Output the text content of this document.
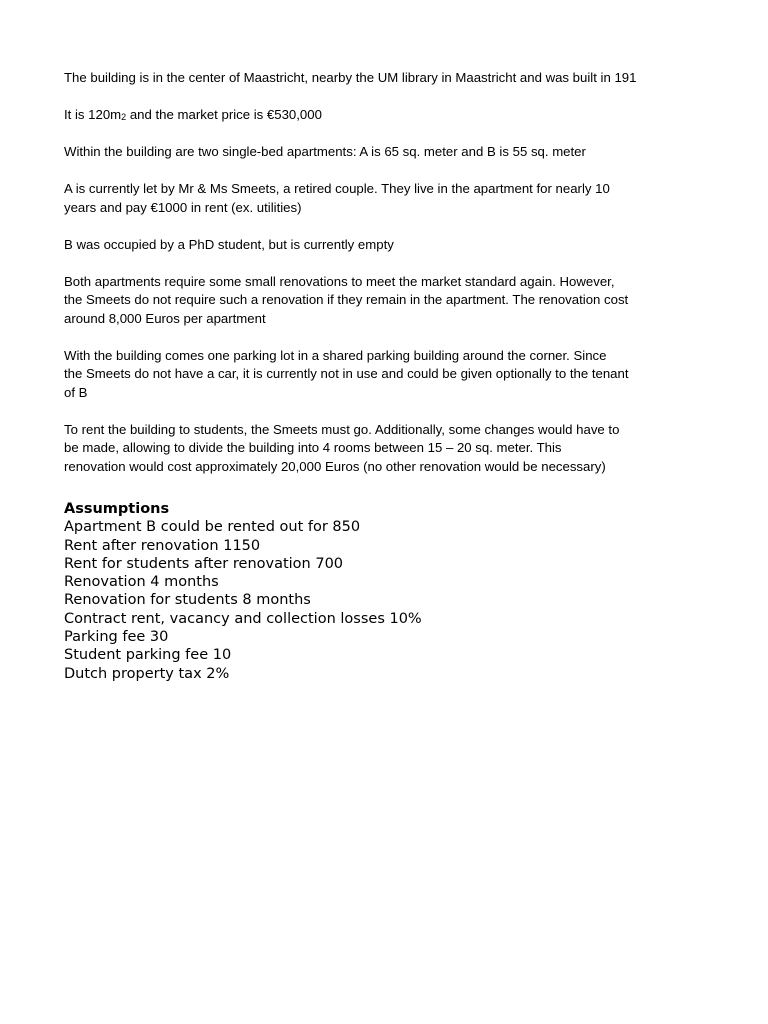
The building is in the center of Maastricht, nearby the UM library in Maastricht and was built in 191

It is $120m_2$ and the market price is €530,000

Within the building are two single-bed apartments: A is 65 sq. meter and B is 55 sq. meter

A is currently let by Mr & Ms Smeets, a retired couple. They live in the apartment for nearly 10
years and pay €1000 in rent (ex. utilities)

B was occupied by a PhD student, but is currently empty

Both apartments require some small renovations to meet the market standard again. However,
the Smeets do not require such a renovation if they remain in the apartment. The renovation cost
around 8,000 Euros per apartment

With the building comes one parking lot in a shared parking building around the corner. Since
the Smeets do not have a car, it is currently not in use and could be given optionally to the tenant
of B

To rent the building to students, the Smeets must go. Additionally, some changes would have to
be made, allowing to divide the building into 4 rooms between 15 – 20 sq. meter. This
renovation would cost approximately 20,000 Euros (no other renovation would be necessary)

Assumptions

Apartment B could be rented out for 850

Rent after renovation 1150

Rent for students after renovation 700

Renovation 4 months

Renovation for students 8 months

Contract rent, vacancy and collection losses 10%

Parking fee 30

Student parking fee 10

Dutch property tax 2%
